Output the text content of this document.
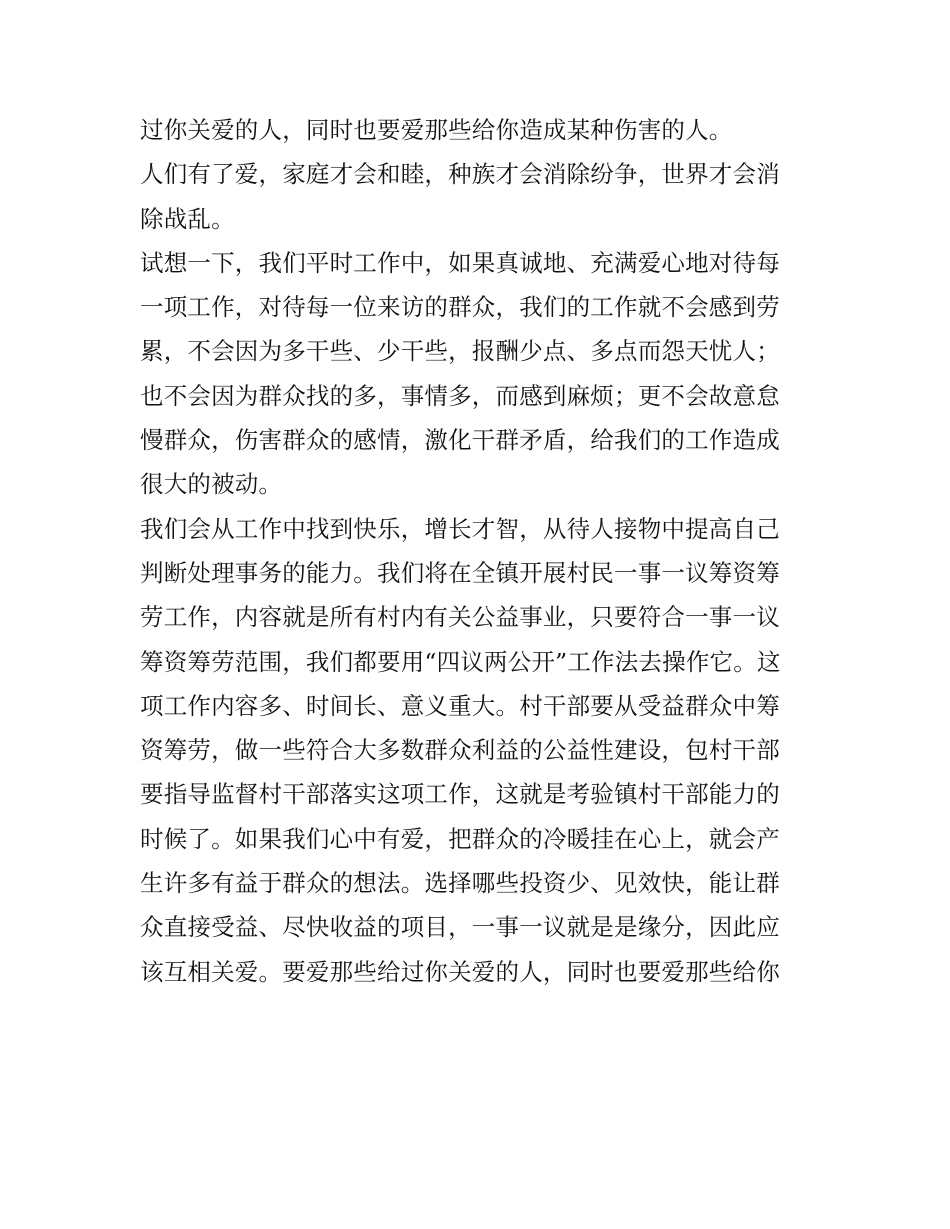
过你关爱的人，同时也要爱那些给你造成某种伤害的人。
人们有了爱，家庭才会和睦，种族才会消除纷争，世界才会消
除战乱。
试想一下，我们平时工作中，如果真诚地、充满爱心地对待每
一项工作，对待每一位来访的群众，我们的工作就不会感到劳
累，不会因为多干些、少干些，报酬少点、多点而怨天忧人；
也不会因为群众找的多，事情多，而感到麻烦；更不会故意怠
慢群众，伤害群众的感情，激化干群矛盾，给我们的工作造成
很大的被动。
我们会从工作中找到快乐，增长才智，从待人接物中提高自己
判断处理事务的能力。我们将在全镇开展村民一事一议筹资筹
劳工作，内容就是所有村内有关公益事业，只要符合一事一议
筹资筹劳范围，我们都要用“四议两公开”工作法去操作它。这
项工作内容多、时间长、意义重大。村干部要从受益群众中筹
资筹劳，做一些符合大多数群众利益的公益性建设，包村干部
要指导监督村干部落实这项工作，这就是考验镇村干部能力的
时候了。如果我们心中有爱，把群众的冷暖挂在心上，就会产
生许多有益于群众的想法。选择哪些投资少、见效快，能让群
众直接受益、尽快收益的项目，一事一议就是是缘分，因此应
该互相关爱。要爱那些给过你关爱的人，同时也要爱那些给你
